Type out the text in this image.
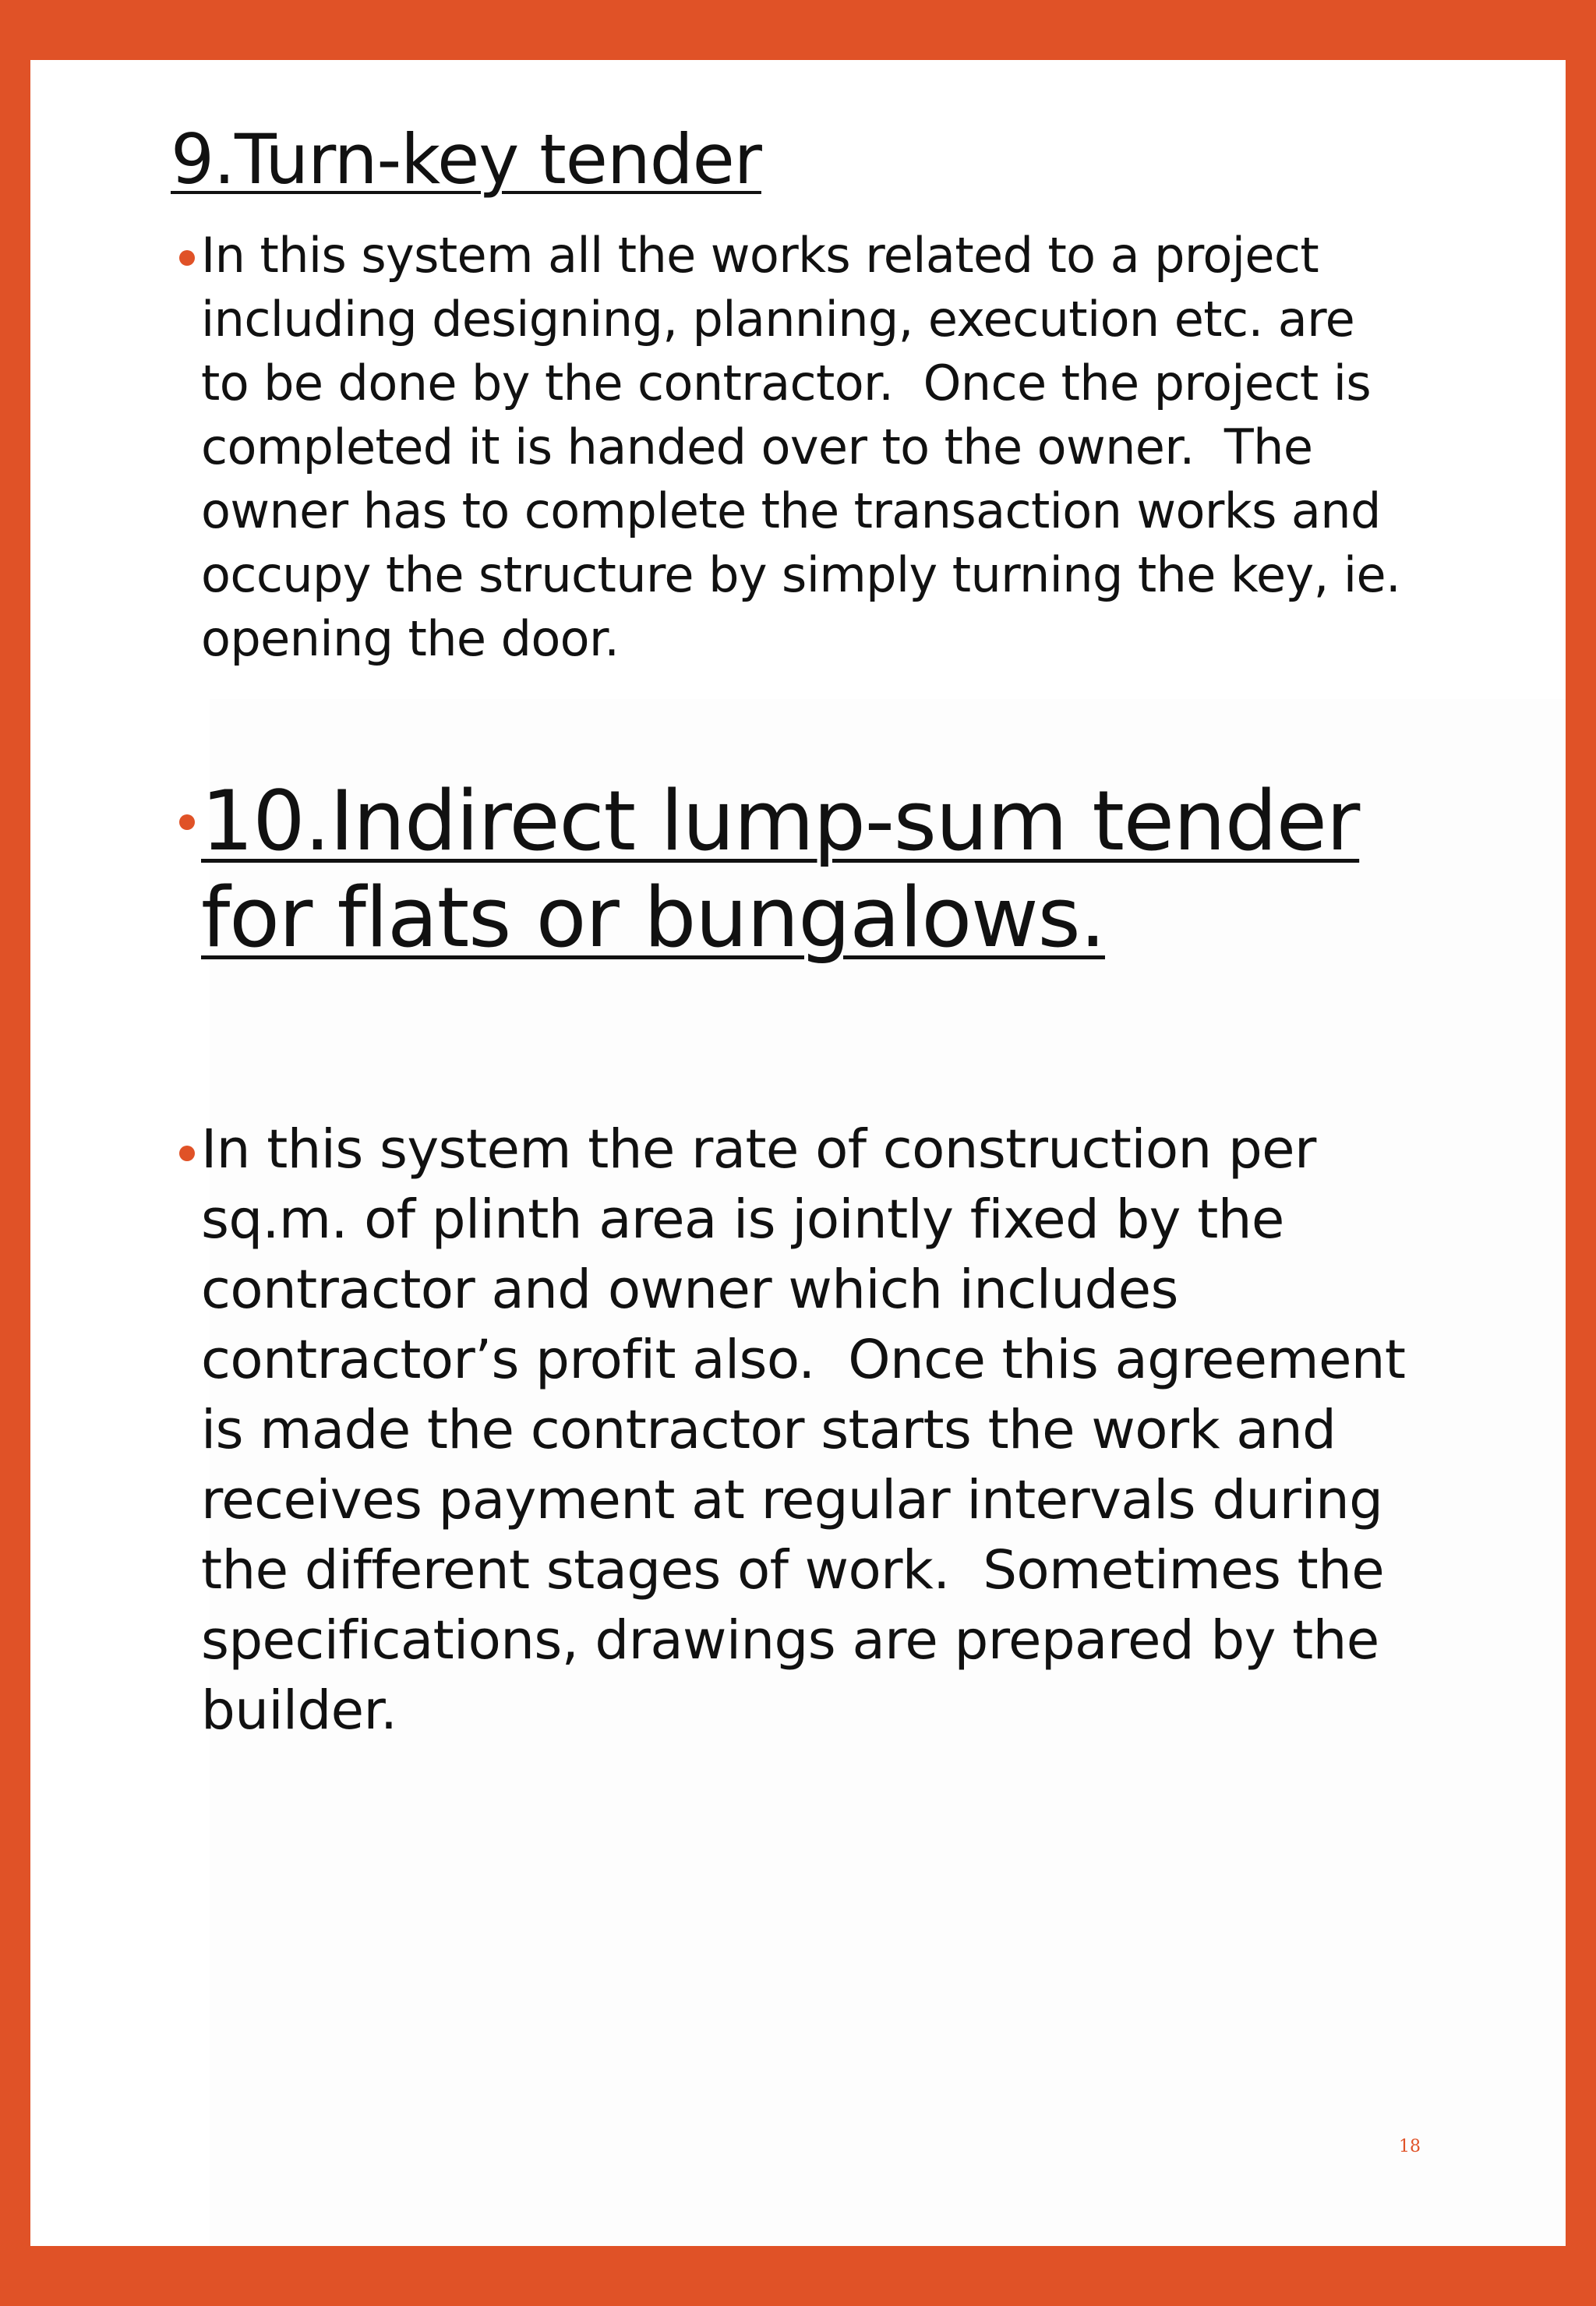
9.Turn-key tender
In this system all the works related to a project
including designing, planning, execution etc. are
to be done by the contractor.  Once the project is
completed it is handed over to the owner.  The
owner has to complete the transaction works and
occupy the structure by simply turning the key, ie.
opening the door.
10.Indirect lump-sum tender
for flats or bungalows.
In this system the rate of construction per
sq.m. of plinth area is jointly fixed by the
contractor and owner which includes
contractor’s profit also.  Once this agreement
is made the contractor starts the work and
receives payment at regular intervals during
the different stages of work.  Sometimes the
specifications, drawings are prepared by the
builder.
18
